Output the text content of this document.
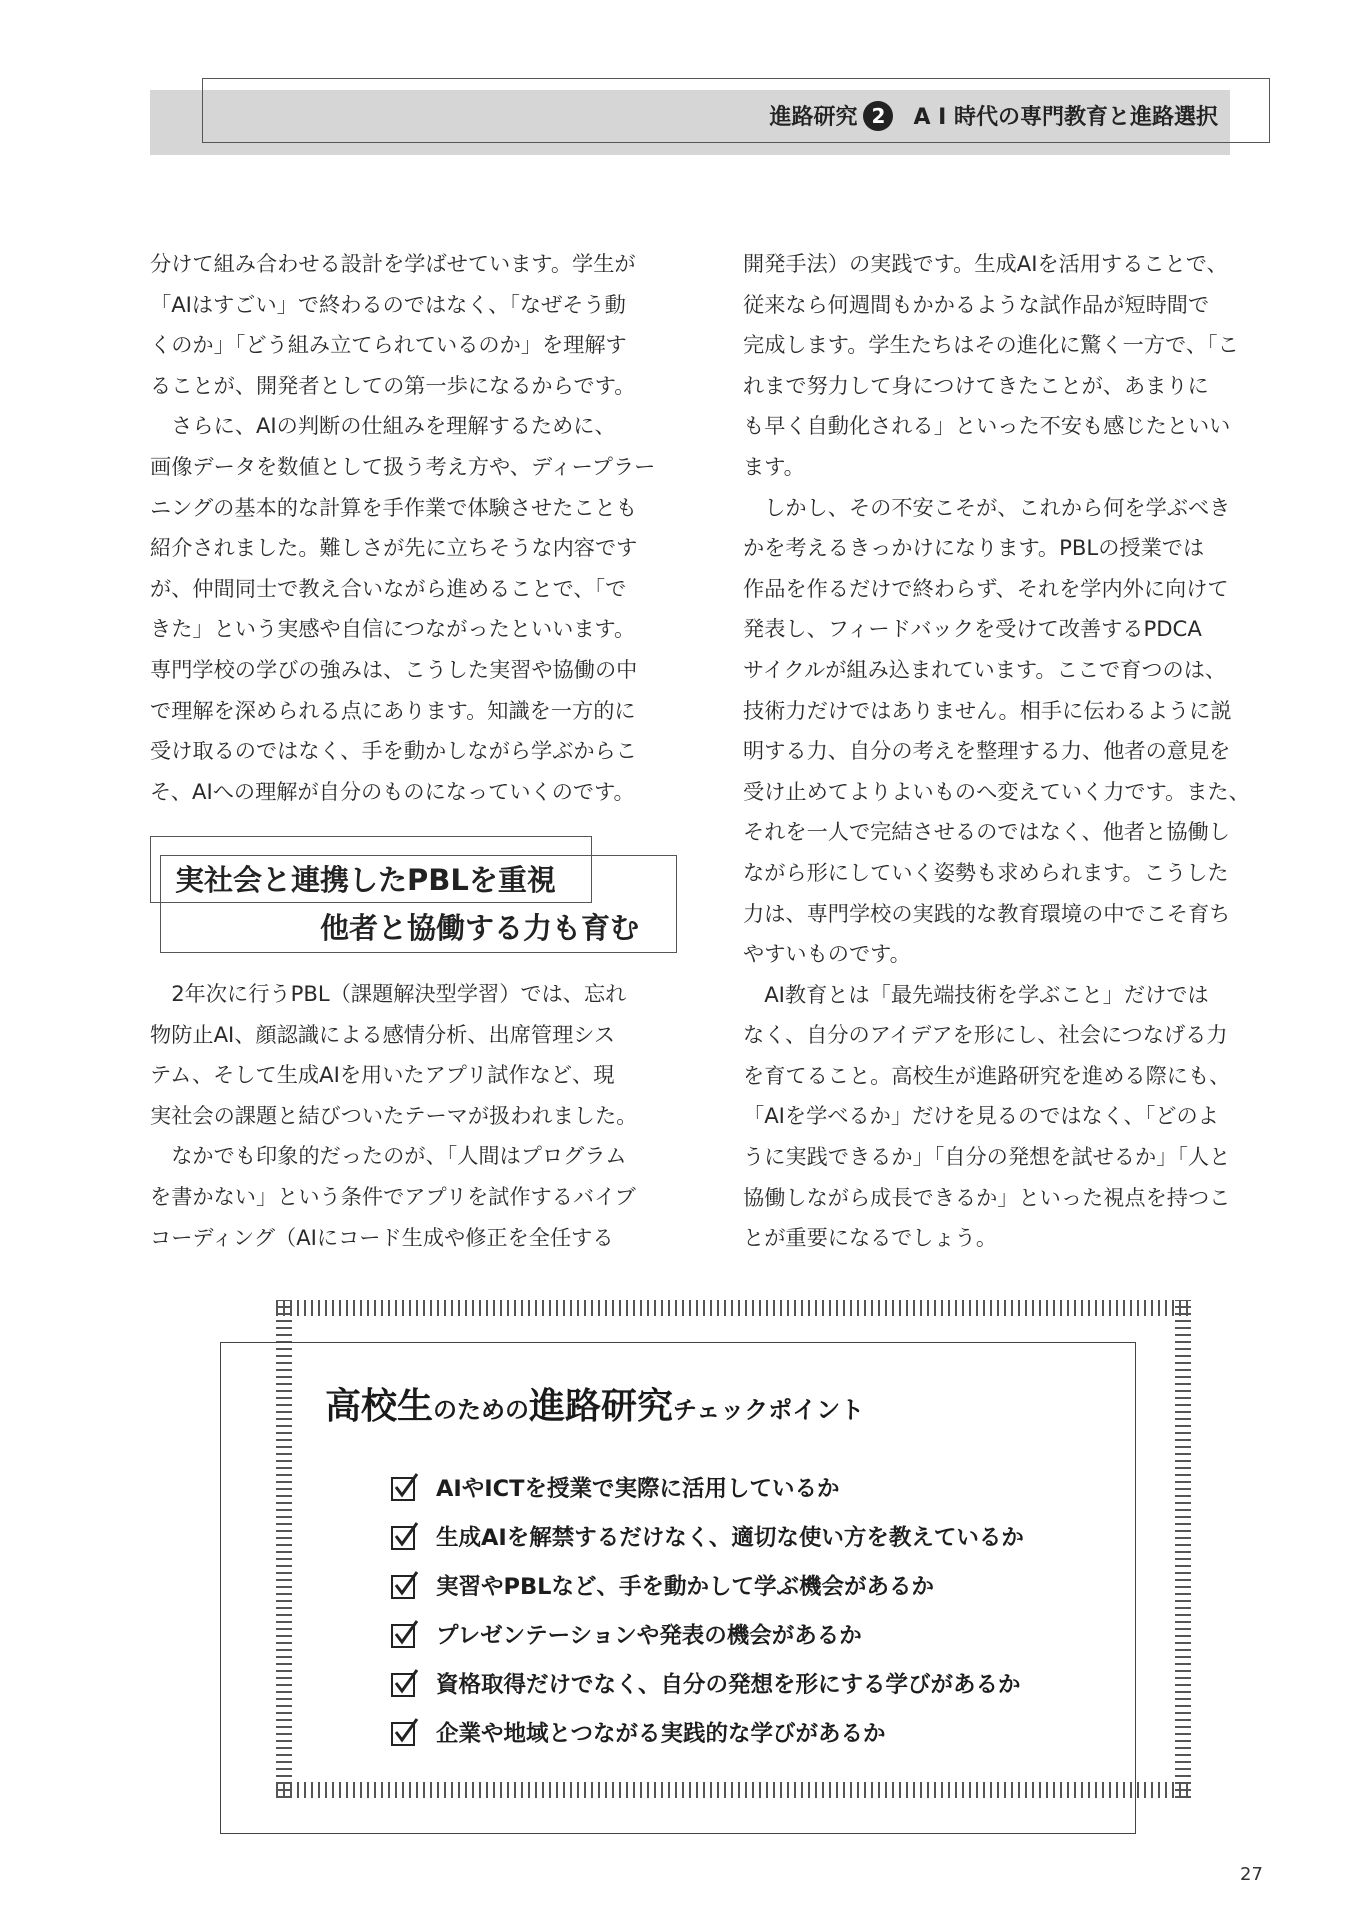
進路研究 2	A I 時代の専門教育と進路選択

分けて組み合わせる設計を学ばせています。学生が

「AIはすごい」で終わるのではなく、「なぜそう動

くのか」「どう組み立てられているのか」を理解す

ることが、開発者としての第一歩になるからです。

　さらに、AIの判断の仕組みを理解するために、

画像データを数値として扱う考え方や、ディープラー

ニングの基本的な計算を手作業で体験させたことも

紹介されました。難しさが先に立ちそうな内容です

が、仲間同士で教え合いながら進めることで、「で

きた」という実感や自信につながったといいます。

専門学校の学びの強みは、こうした実習や協働の中

で理解を深められる点にあります。知識を一方的に

受け取るのではなく、手を動かしながら学ぶからこ

そ、AIへの理解が自分のものになっていくのです。

実社会と連携したPBLを重視
他者と協働する力も育む

　2年次に行うPBL（課題解決型学習）では、忘れ

物防止AI、顔認識による感情分析、出席管理シス

テム、そして生成AIを用いたアプリ試作など、現

実社会の課題と結びついたテーマが扱われました。

　なかでも印象的だったのが、「人間はプログラム

を書かない」という条件でアプリを試作するバイブ

コーディング（AIにコード生成や修正を全任する

開発手法）の実践です。生成AIを活用することで、

従来なら何週間もかかるような試作品が短時間で

完成します。学生たちはその進化に驚く一方で、「こ

れまで努力して身につけてきたことが、あまりに

も早く自動化される」といった不安も感じたといい

ます。

　しかし、その不安こそが、これから何を学ぶべき

かを考えるきっかけになります。PBLの授業では

作品を作るだけで終わらず、それを学内外に向けて

発表し、フィードバックを受けて改善するPDCA

サイクルが組み込まれています。ここで育つのは、

技術力だけではありません。相手に伝わるように説

明する力、自分の考えを整理する力、他者の意見を

受け止めてよりよいものへ変えていく力です。また、

それを一人で完結させるのではなく、他者と協働し

ながら形にしていく姿勢も求められます。こうした

力は、専門学校の実践的な教育環境の中でこそ育ち

やすいものです。

　AI教育とは「最先端技術を学ぶこと」だけでは

なく、自分のアイデアを形にし、社会につなげる力

を育てること。高校生が進路研究を進める際にも、

「AIを学べるか」だけを見るのではなく、「どのよ

うに実践できるか」「自分の発想を試せるか」「人と

協働しながら成長できるか」といった視点を持つこ

とが重要になるでしょう。

高校生のための進路研究チェックポイント
AIやICTを授業で実際に活用しているか
生成AIを解禁するだけなく、適切な使い方を教えているか
実習やPBLなど、手を動かして学ぶ機会があるか
プレゼンテーションや発表の機会があるか
資格取得だけでなく、自分の発想を形にする学びがあるか
企業や地域とつながる実践的な学びがあるか
27
